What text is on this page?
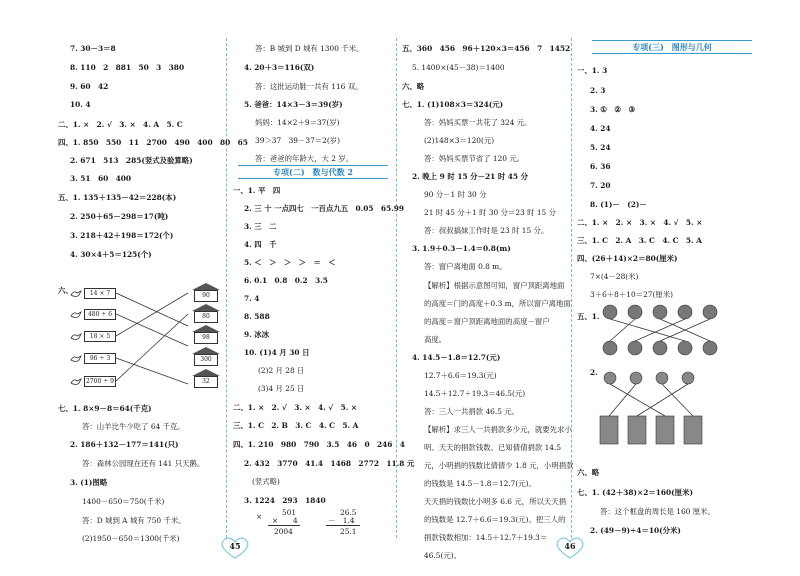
7. 30－3＝8
8. 110　2　881　50　3　380
9. 60　42
10. 4
二、1. ×　2. √　3. ×　4. A　5. C
四、1. 850　550　11　2700　490　400　80　65
2. 671　513　285(竖式及验算略)
3. 51　60　400
五、1. 135＋135－42＝228(本)
2. 250＋65－298＝17(吨)
3. 218＋42＋198＝172(个)
4. 30×4＋5＝125(个)
六、	14 × 7
480 ÷ 6
18 × 5
96 ÷ 3
2700 ÷ 9
90
80
98
300
32
七、1. 8×9－8＝64(千克)
答：山羊比牛少吃了 64 千克。
2. 186＋132－177＝141(只)
答：森林公园现在还有 141 只天鹅。
3. (1)图略
1400－650＝750(千米)
答：D 城到 A 城有 750 千米。
(2)1950－650＝1300(千米)
答：B 城到 D 城有 1300 千米。
4. 20＋3＝116(双)
答：这批运动鞋一共有 116 双。
5. 爸爸：14×3－3＝39(岁)
妈妈：14×2＋9＝37(岁)
39＞37　39－37＝2(岁)
答：爸爸的年龄大，大 2 岁。
专项(二)　数与代数 2
一、1. 平　四
2. 三 十 一点四七　一百点九五　0.05　65.99
3. 三　二
4. 四　千
5. ＜　＞　＞　＞　＝　＜
6. 0.1　0.8　0.2　3.5
7. 4
8. 588
9. 冰冰
10. (1)4 月 30 日
(2)2 月 28 日
(3)4 月 25 日
二、1. ×　2. √　3. ×　4. √　5. ×
三、1. C　2. B　3. C　4. C　5. A
四、1. 210　980　790　3.5　46　0　246　4
2. 432　3770　41.4　1468　2772　11.8 元
(竖式略)
3. 1224　293　1840
×	501
×　　4
2004
26.5
－　1.4
25.1
45
五、360　456　96＋120×3＝456　7　1452
5. 1400×(45－38)＝1400
六、略
七、1. (1)108×3＝324(元)
答：妈妈买票一共花了 324 元。
(2)148×3＝120(元)
答：妈妈买票节省了 120 元。
2. 晚上 9 时 15 分－21 时 45 分
90 分－1 时 30 分
21 时 45 分＋1 时 30 分＝23 时 15 分
答：叔叔搞妹工作时是 23 时 15 分。
3. 1.9＋0.3－1.4＝0.8(m)
答：窗户离地面 0.8 m。
【解析】根据示意图可知，窗户顶距离地面
的高度＝门的高度＋0.3 m，所以窗户离地面
的高度＝窗户顶距离地面的高度－窗户
高度。
4. 14.5－1.8＝12.7(元)
12.7＋6.6＝19.3(元)
14.5＋12.7＋19.3＝46.5(元)
答：三人一共捐款 46.5 元。
【解析】求三人一共捐款多少元，就要先求小
明、天天的捐款钱数。已知倩倩捐款 14.5
元，小明捐的钱数比倩倩少 1.8 元，小明捐款
的钱数是 14.5－1.8＝12.7(元)。
天天捐的钱数比小明多 6.6 元，所以天天捐
的钱数是 12.7＋6.6＝19.3(元)。把三人的
捐款钱数相加：14.5＋12.7＋19.3＝
46.5(元)。
46
专项(三)　图形与几何
一、1. 3
2. 3
3. ①　②　③
4. 24
5. 24
6. 36
7. 20
8. (1)－　(2)－
二、1. ×　2. ×　3. ×　4. √　5. ×
三、1. C　2. A　3. C　4. C　5. A
四、(26＋14)×2＝80(厘米)
7×(4－28(米)
3＋6＋8＋10＝27(厘米)
五、1.
2.
六、略
七、1. (42＋38)×2＝160(厘米)
答：这个框盘的周长是 160 厘米。
2. (49－9)÷4＝10(分米)
